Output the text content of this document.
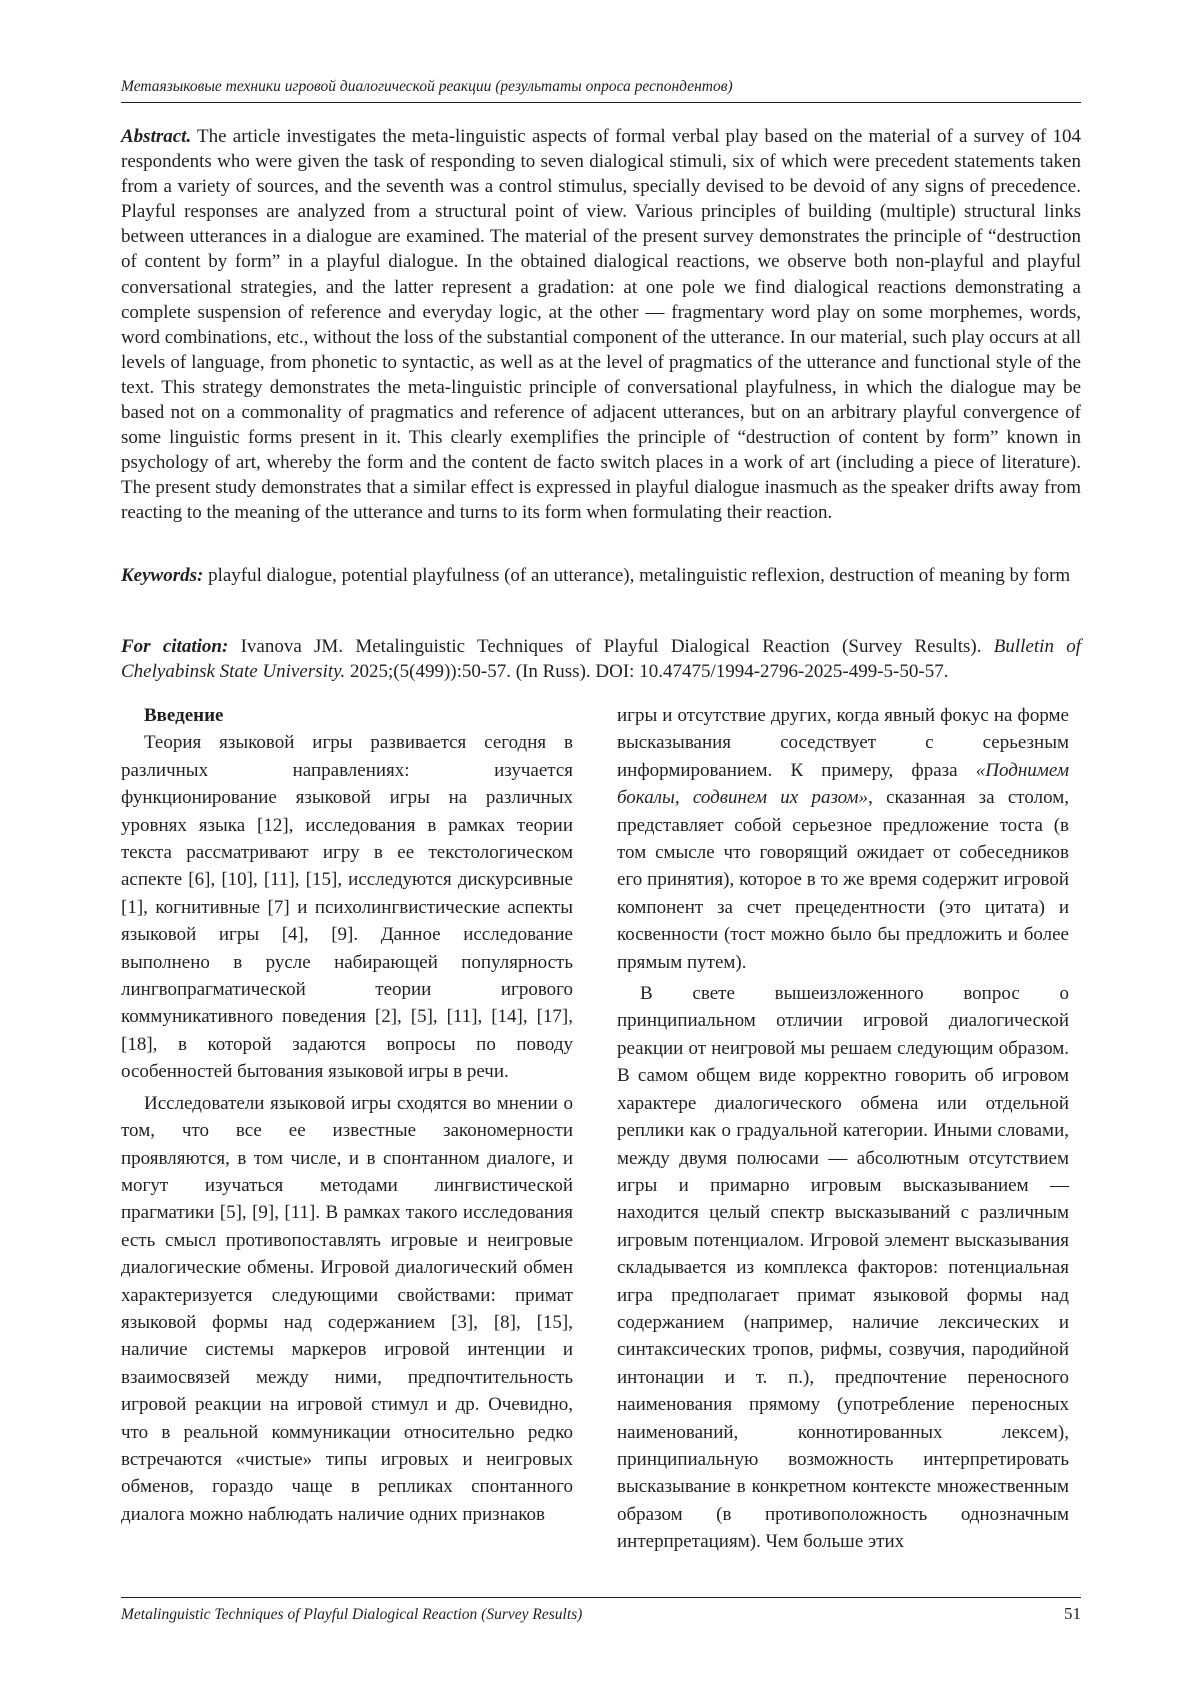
Метаязыковые техники игровой диалогической реакции (результаты опроса респондентов)

Abstract. The article investigates the meta-linguistic aspects of formal verbal play based on the material of a survey of 104 respondents who were given the task of responding to seven dialogical stimuli, six of which were precedent statements taken from a variety of sources, and the seventh was a control stimulus, specially devised to be devoid of any signs of precedence. Playful responses are analyzed from a structural point of view. Various principles of building (multiple) structural links between utterances in a dialogue are examined. The material of the present survey demonstrates the principle of “destruction of content by form” in a playful dialogue. In the obtained dialogical reactions, we observe both non-playful and playful conversational strategies, and the latter represent a gradation: at one pole we find dialogical reactions demonstrating a complete suspension of reference and everyday logic, at the other — fragmentary word play on some morphemes, words, word combinations, etc., without the loss of the substantial component of the utterance. In our material, such play occurs at all levels of language, from phonetic to syntactic, as well as at the level of pragmatics of the utterance and functional style of the text. This strategy demonstrates the meta-linguistic principle of conversational playfulness, in which the dialogue may be based not on a commonality of pragmatics and reference of adjacent utterances, but on an arbitrary playful convergence of some linguistic forms present in it. This clearly exemplifies the principle of “destruction of content by form” known in psychology of art, whereby the form and the content de facto switch places in a work of art (including a piece of literature). The present study demonstrates that a similar effect is expressed in playful dialogue inasmuch as the speaker drifts away from reacting to the meaning of the utterance and turns to its form when formulating their reaction.

Keywords: playful dialogue, potential playfulness (of an utterance), metalinguistic reflexion, destruction of meaning by form
For citation: Ivanova JM. Metalinguistic Techniques of Playful Dialogical Reaction (Survey Results). Bulletin of Chelyabinsk State University. 2025;(5(499)):50-57. (In Russ). DOI: 10.47475/1994-2796-2025-499-5-50-57.
Введение

Теория языковой игры развивается сегодня в различных направлениях: изучается функционирование языковой игры на различных уровнях языка [12], исследования в рамках теории текста рассматривают игру в ее текстологическом аспекте [6], [10], [11], [15], исследуются дискурсивные [1], когнитивные [7] и психолингвистические аспекты языковой игры [4], [9]. Данное исследование выполнено в русле набирающей популярность лингвопрагматической теории игрового коммуникативного поведения [2], [5], [11], [14], [17], [18], в которой задаются вопросы по поводу особенностей бытования языковой игры в речи.

Исследователи языковой игры сходятся во мнении о том, что все ее известные закономерности проявляются, в том числе, и в спонтанном диалоге, и могут изучаться методами лингвистической прагматики [5], [9], [11]. В рамках такого исследования есть смысл противопоставлять игровые и неигровые диалогические обмены. Игровой диалогический обмен характеризуется следующими свойствами: примат языковой формы над содержанием [3], [8], [15], наличие системы маркеров игровой интенции и взаимосвязей между ними, предпочтительность игровой реакции на игровой стимул и др. Очевидно, что в реальной коммуникации относительно редко встречаются «чистые» типы игровых и неигровых обменов, гораздо чаще в репликах спонтанного диалога можно наблюдать наличие одних признаков

игры и отсутствие других, когда явный фокус на форме высказывания соседствует с серьезным информированием. К примеру, фраза «Поднимем бокалы, содвинем их разом», сказанная за столом, представляет собой серьезное предложение тоста (в том смысле что говорящий ожидает от собеседников его принятия), которое в то же время содержит игровой компонент за счет прецедентности (это цитата) и косвенности (тост можно было бы предложить и более прямым путем).

В свете вышеизложенного вопрос о принципиальном отличии игровой диалогической реакции от неигровой мы решаем следующим образом. В самом общем виде корректно говорить об игровом характере диалогического обмена или отдельной реплики как о градуальной категории. Иными словами, между двумя полюсами — абсолютным отсутствием игры и примарно игровым высказыванием — находится целый спектр высказываний с различным игровым потенциалом. Игровой элемент высказывания складывается из комплекса факторов: потенциальная игра предполагает примат языковой формы над содержанием (например, наличие лексических и синтаксических тропов, рифмы, созвучия, пародийной интонации и т. п.), предпочтение переносного наименования прямому (употребление переносных наименований, коннотированных лексем), принципиальную возможность интерпретировать высказывание в конкретном контексте множественным образом (в противоположность однозначным интерпретациям). Чем больше этих

Metalinguistic Techniques of Playful Dialogical Reaction (Survey Results)	51
